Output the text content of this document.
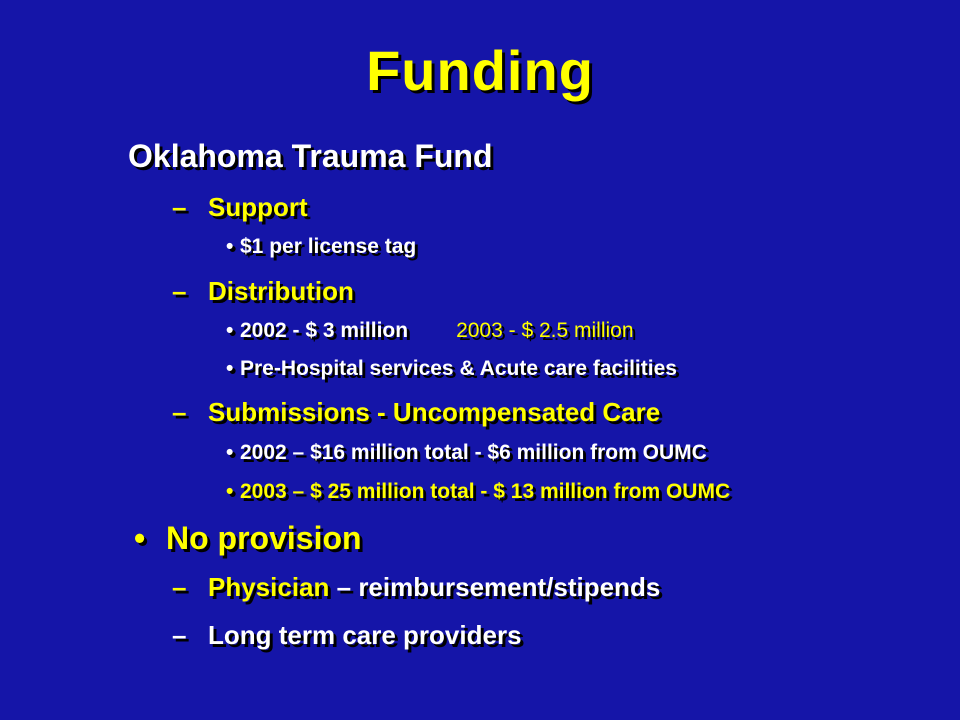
Funding
Oklahoma Trauma Fund
– Support
• $1 per license tag
– Distribution
• 2002 - $ 3 million 2003 - $ 2.5 million
• Pre-Hospital services & Acute care facilities
– Submissions - Uncompensated Care
• 2002 – $16 million total - $6 million from OUMC
• 2003 – $ 25 million total - $ 13 million from OUMC
• No provision
– Physician – reimbursement/stipends
– Long term care providers
